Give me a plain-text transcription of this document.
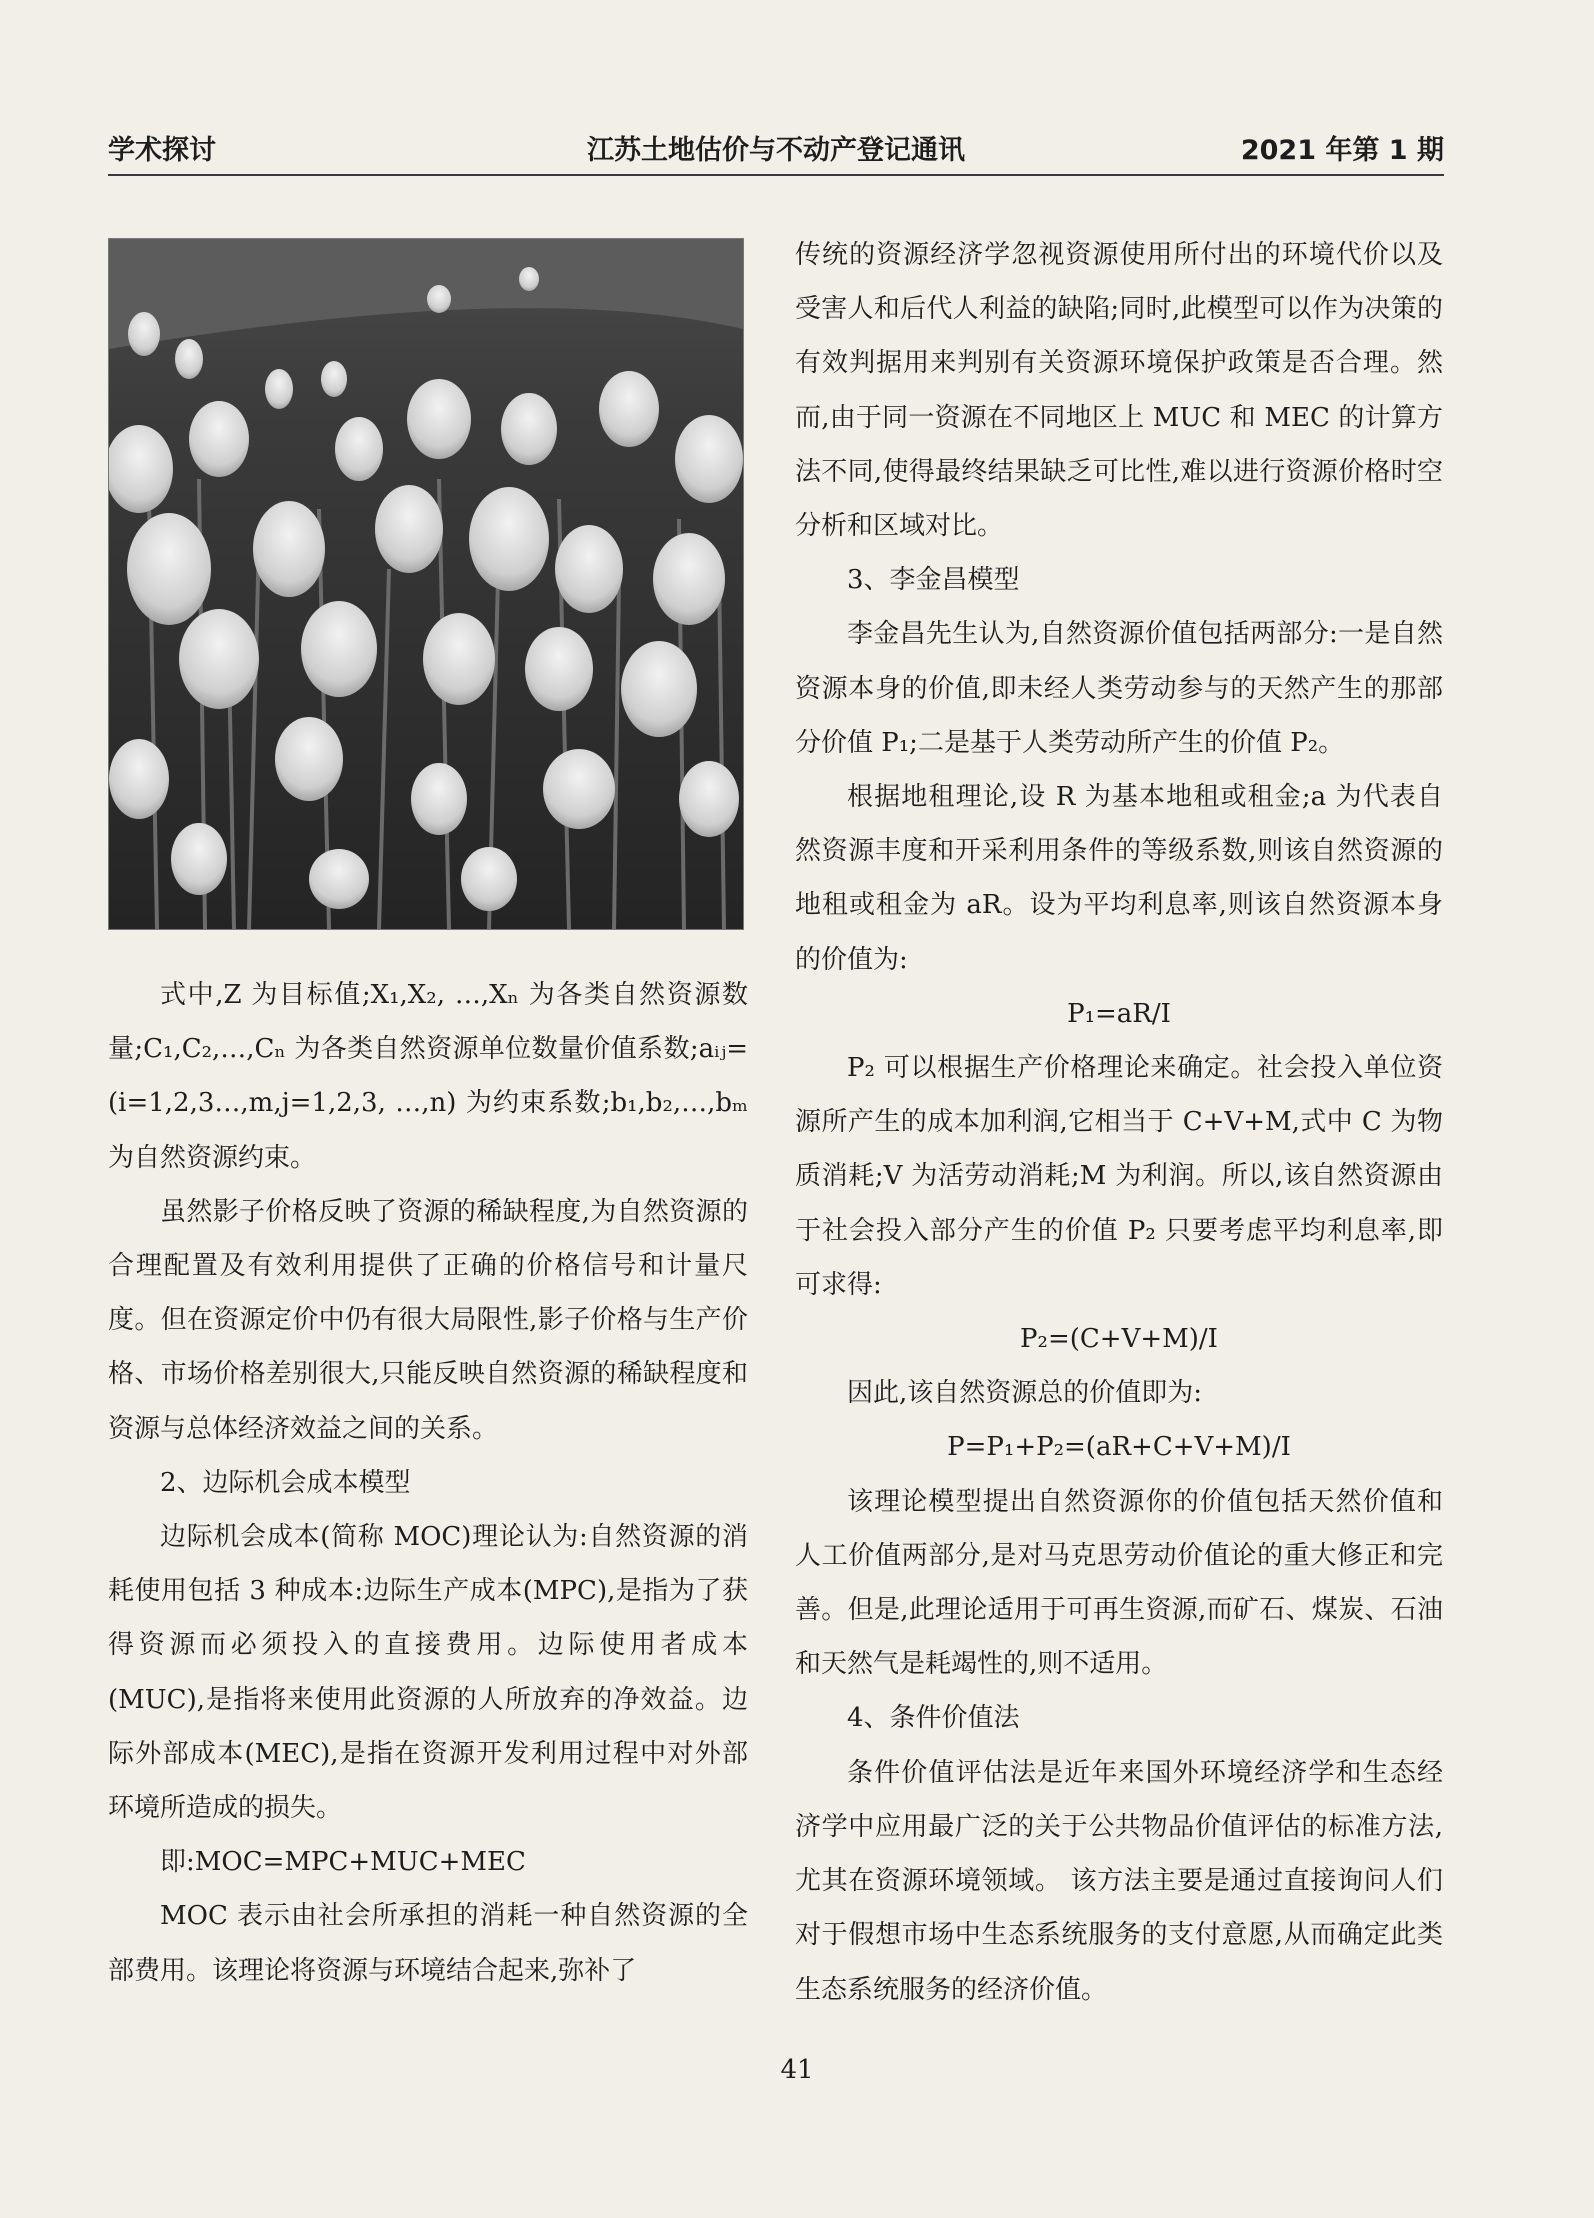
学术探讨	江苏土地估价与不动产登记通讯	2021 年第 1 期

式中,Z 为目标值;X₁,X₂, …,Xₙ 为各类自然资源数量;C₁,C₂,…,Cₙ 为各类自然资源单位数量价值系数;aᵢⱼ=(i=1,2,3…,m,j=1,2,3, …,n) 为约束系数;b₁,b₂,…,bₘ 为自然资源约束。

虽然影子价格反映了资源的稀缺程度,为自然资源的合理配置及有效利用提供了正确的价格信号和计量尺度。但在资源定价中仍有很大局限性,影子价格与生产价格、市场价格差别很大,只能反映自然资源的稀缺程度和资源与总体经济效益之间的关系。

2、边际机会成本模型

边际机会成本(简称 MOC)理论认为:自然资源的消耗使用包括 3 种成本:边际生产成本(MPC),是指为了获得资源而必须投入的直接费用。边际使用者成本(MUC),是指将来使用此资源的人所放弃的净效益。边际外部成本(MEC),是指在资源开发利用过程中对外部环境所造成的损失。

即:MOC=MPC+MUC+MEC

MOC 表示由社会所承担的消耗一种自然资源的全部费用。该理论将资源与环境结合起来,弥补了

传统的资源经济学忽视资源使用所付出的环境代价以及受害人和后代人利益的缺陷;同时,此模型可以作为决策的有效判据用来判别有关资源环境保护政策是否合理。然而,由于同一资源在不同地区上 MUC 和 MEC 的计算方法不同,使得最终结果缺乏可比性,难以进行资源价格时空分析和区域对比。

3、李金昌模型

李金昌先生认为,自然资源价值包括两部分:一是自然资源本身的价值,即未经人类劳动参与的天然产生的那部分价值 P₁;二是基于人类劳动所产生的价值 P₂。

根据地租理论,设 R 为基本地租或租金;a 为代表自然资源丰度和开采利用条件的等级系数,则该自然资源的地租或租金为 aR。设为平均利息率,则该自然资源本身的价值为:

P₁=aR/I

P₂ 可以根据生产价格理论来确定。社会投入单位资源所产生的成本加利润,它相当于 C+V+M,式中 C 为物质消耗;V 为活劳动消耗;M 为利润。所以,该自然资源由于社会投入部分产生的价值 P₂ 只要考虑平均利息率,即可求得:

P₂=(C+V+M)/I

因此,该自然资源总的价值即为:

P=P₁+P₂=(aR+C+V+M)/I

该理论模型提出自然资源你的价值包括天然价值和人工价值两部分,是对马克思劳动价值论的重大修正和完善。但是,此理论适用于可再生资源,而矿石、煤炭、石油和天然气是耗竭性的,则不适用。

4、条件价值法

条件价值评估法是近年来国外环境经济学和生态经济学中应用最广泛的关于公共物品价值评估的标准方法,尤其在资源环境领域。 该方法主要是通过直接询问人们对于假想市场中生态系统服务的支付意愿,从而确定此类生态系统服务的经济价值。

41
